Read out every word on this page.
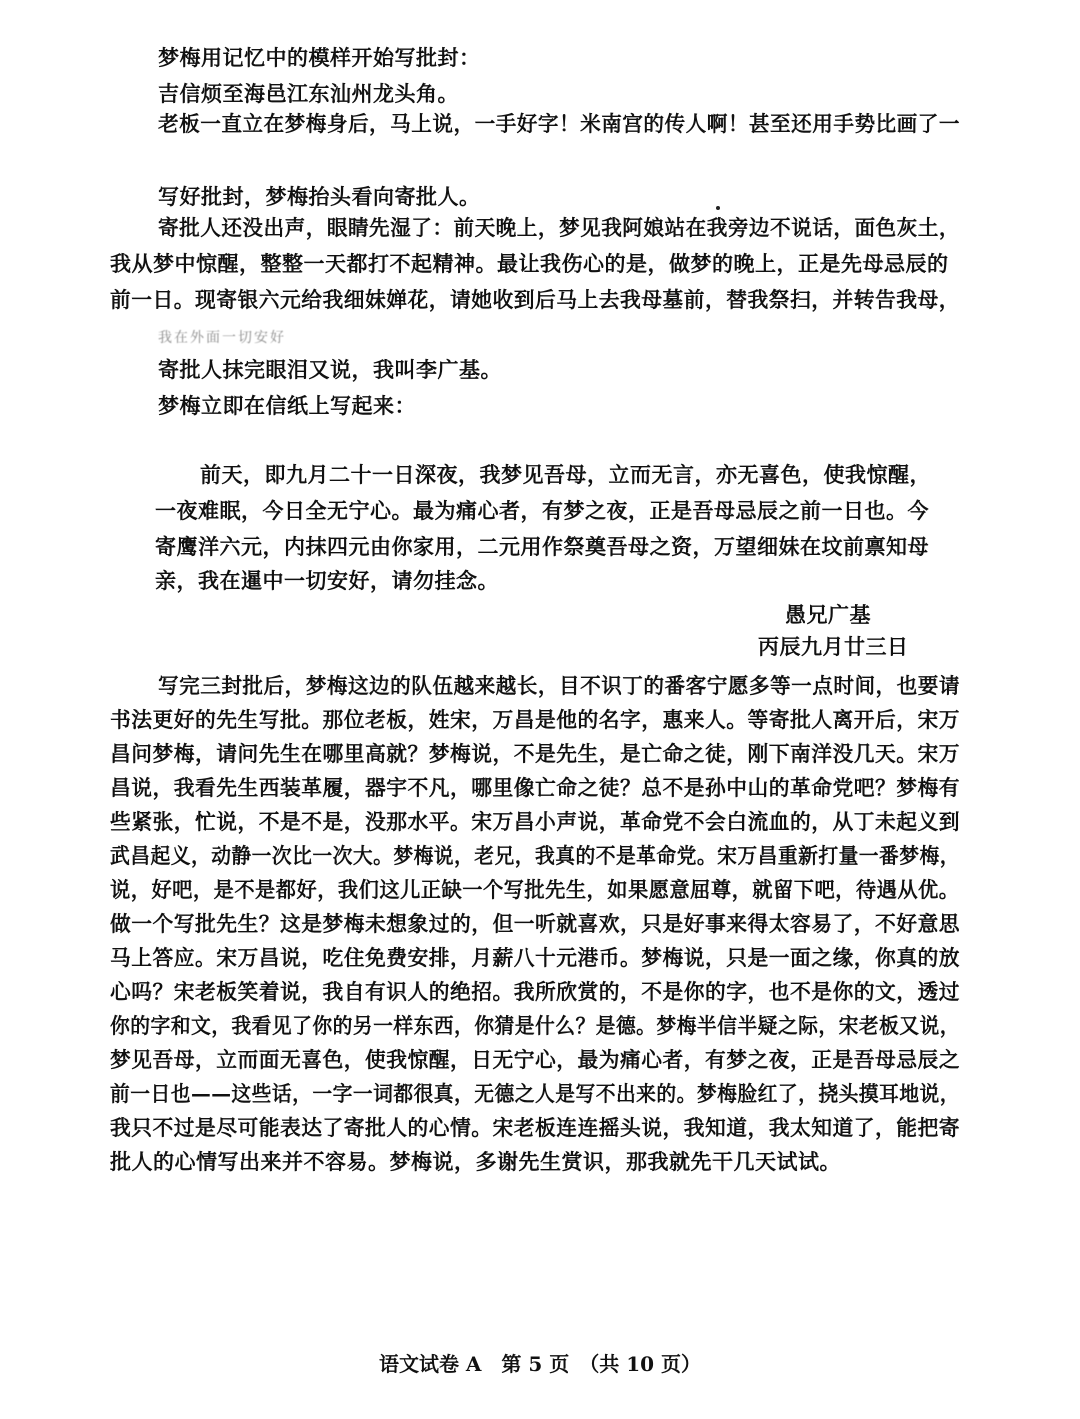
梦梅用记忆中的模样开始写批封：
吉信烦至海邑江东汕州龙头角。
老板一直立在梦梅身后，马上说，一手好字！米南宫的传人啊！甚至还用手势比画了一
写好批封，梦梅抬头看向寄批人。
寄批人还没出声，眼睛先湿了：前天晚上，梦见我阿娘站在我旁边不说话，面色灰土，
我从梦中惊醒，整整一天都打不起精神。最让我伤心的是，做梦的晚上，正是先母忌辰的
前一日。现寄银六元给我细妹婵花，请她收到后马上去我母墓前，替我祭扫，并转告我母，
我在外面一切安好
寄批人抹完眼泪又说，我叫李广基。
梦梅立即在信纸上写起来：
前天，即九月二十一日深夜，我梦见吾母，立而无言，亦无喜色，使我惊醒，
一夜难眠，今日全无宁心。最为痛心者，有梦之夜，正是吾母忌辰之前一日也。今
寄鹰洋六元，内抹四元由你家用，二元用作祭奠吾母之资，万望细妹在坟前禀知母
亲，我在暹中一切安好，请勿挂念。
愚兄广基
丙辰九月廿三日
写完三封批后，梦梅这边的队伍越来越长，目不识丁的番客宁愿多等一点时间，也要请
书法更好的先生写批。那位老板，姓宋，万昌是他的名字，惠来人。等寄批人离开后，宋万
昌问梦梅，请问先生在哪里高就？梦梅说，不是先生，是亡命之徒，刚下南洋没几天。宋万
昌说，我看先生西装革履，器宇不凡，哪里像亡命之徒？总不是孙中山的革命党吧？梦梅有
些紧张，忙说，不是不是，没那水平。宋万昌小声说，革命党不会白流血的，从丁未起义到
武昌起义，动静一次比一次大。梦梅说，老兄，我真的不是革命党。宋万昌重新打量一番梦梅，
说，好吧，是不是都好，我们这儿正缺一个写批先生，如果愿意屈尊，就留下吧，待遇从优。
做一个写批先生？这是梦梅未想象过的，但一听就喜欢，只是好事来得太容易了，不好意思
马上答应。宋万昌说，吃住免费安排，月薪八十元港币。梦梅说，只是一面之缘，你真的放
心吗？宋老板笑着说，我自有识人的绝招。我所欣赏的，不是你的字，也不是你的文，透过
你的字和文，我看见了你的另一样东西，你猜是什么？是德。梦梅半信半疑之际，宋老板又说，
梦见吾母，立而面无喜色，使我惊醒，日无宁心，最为痛心者，有梦之夜，正是吾母忌辰之
前一日也——这些话，一字一词都很真，无德之人是写不出来的。梦梅脸红了，挠头摸耳地说，
我只不过是尽可能表达了寄批人的心情。宋老板连连摇头说，我知道，我太知道了，能把寄
批人的心情写出来并不容易。梦梅说，多谢先生赏识，那我就先干几天试试。
语文试卷 A　第 5 页　（共 10 页）
